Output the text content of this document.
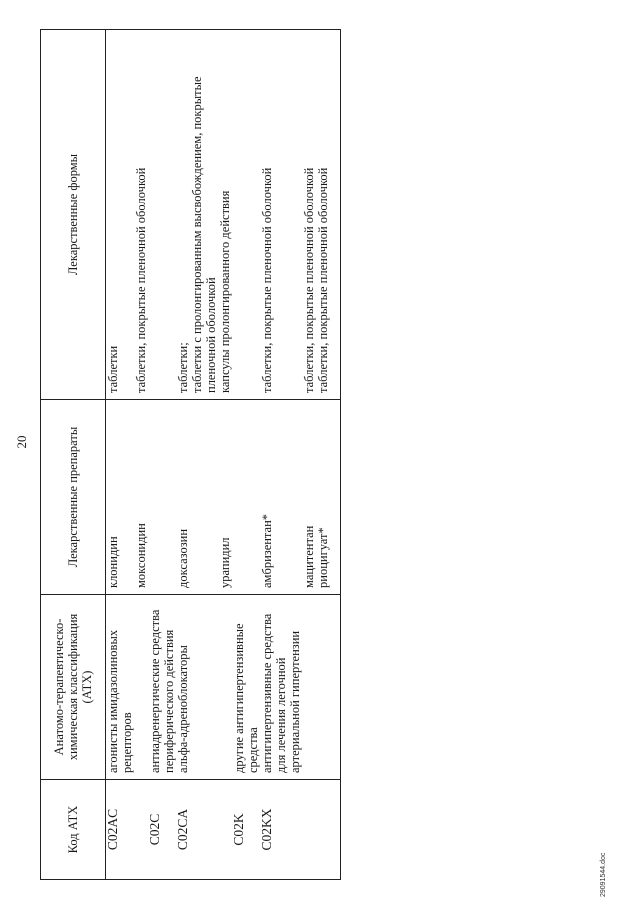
20
Код АТХ	Анатомо-терапевтическо-химическая классификация (АТХ)	Лекарственные препараты	Лекарственные формы
C02AC	агонисты имидазолиновых рецепторов	клонидин	таблетки
		моксонидин	таблетки, покрытые пленочной оболочкой
C02C	антиадренергические средства периферического действия		
C02CA	альфа-адреноблокаторы	доксазозин	таблетки;
таблетки с пролонгированным высвобождением, покрытые пленочной оболочкой
		урапидил	капсулы пролонгированного действия
C02K	другие антигипертензивные средства		
C02KX	антигипертензивные средства для лечения легочной артериальной гипертензии	амбризентан*	таблетки, покрытые пленочной оболочкой
		мацитентан	таблетки, покрытые пленочной оболочкой
		риоцигуат*	таблетки, покрытые пленочной оболочкой
29091544.doc
